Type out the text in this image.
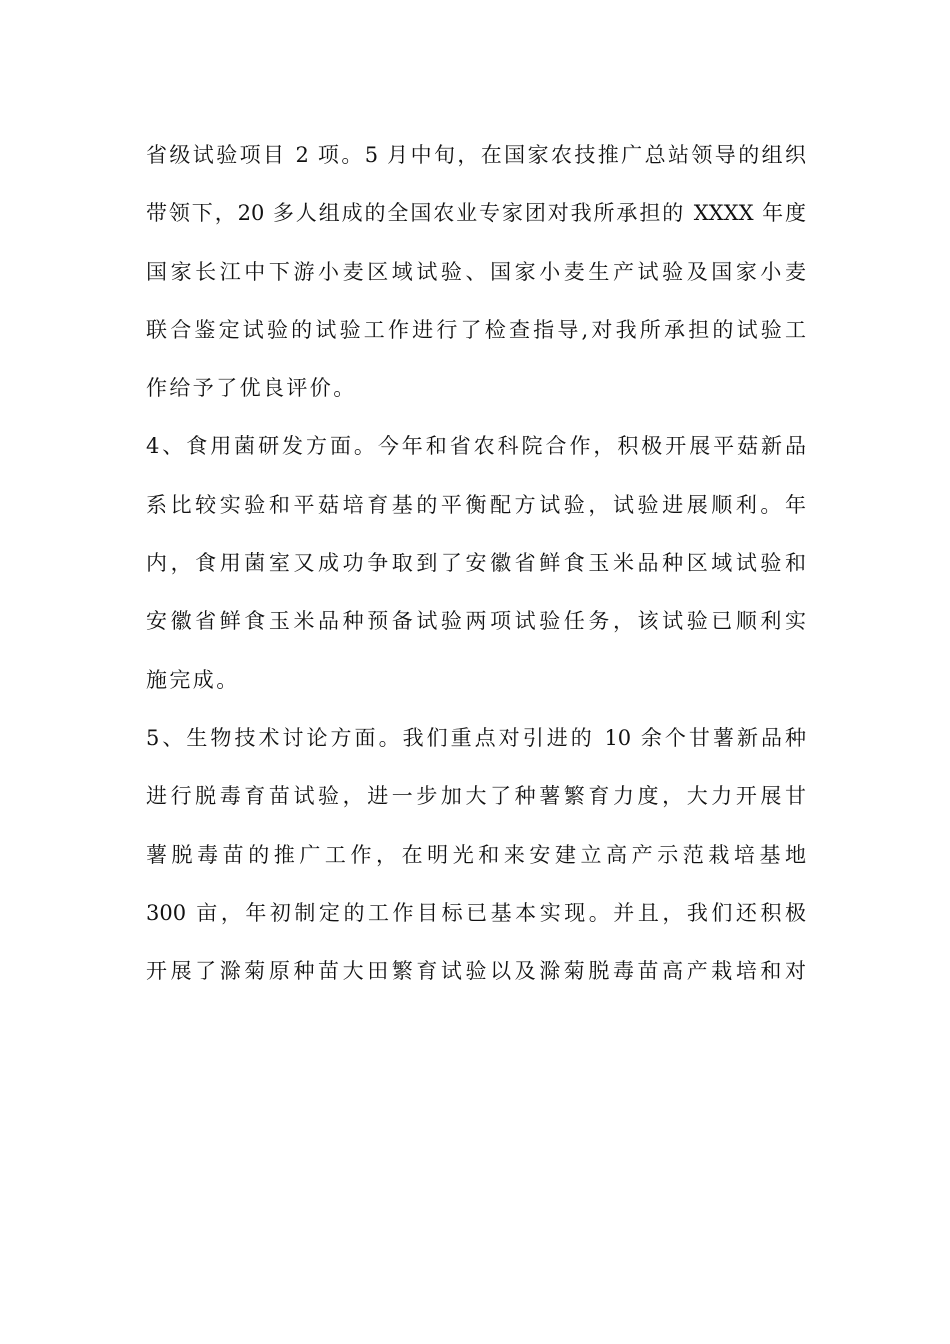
省级试验项目 2 项。5 月中旬，在国家农技推广总站领导的组织
带领下，20 多人组成的全国农业专家团对我所承担的 XXXX 年度
国家长江中下游小麦区域试验、国家小麦生产试验及国家小麦
联合鉴定试验的试验工作进行了检查指导,对我所承担的试验工
作给予了优良评价。
4、食用菌研发方面。今年和省农科院合作，积极开展平菇新品
系比较实验和平菇培育基的平衡配方试验，试验进展顺利。年
内，食用菌室又成功争取到了安徽省鲜食玉米品种区域试验和
安徽省鲜食玉米品种预备试验两项试验任务，该试验已顺利实
施完成。
5、生物技术讨论方面。我们重点对引进的 10 余个甘薯新品种
进行脱毒育苗试验，进一步加大了种薯繁育力度，大力开展甘
薯脱毒苗的推广工作，在明光和来安建立高产示范栽培基地
300 亩，年初制定的工作目标已基本实现。并且，我们还积极
开展了滁菊原种苗大田繁育试验以及滁菊脱毒苗高产栽培和对
